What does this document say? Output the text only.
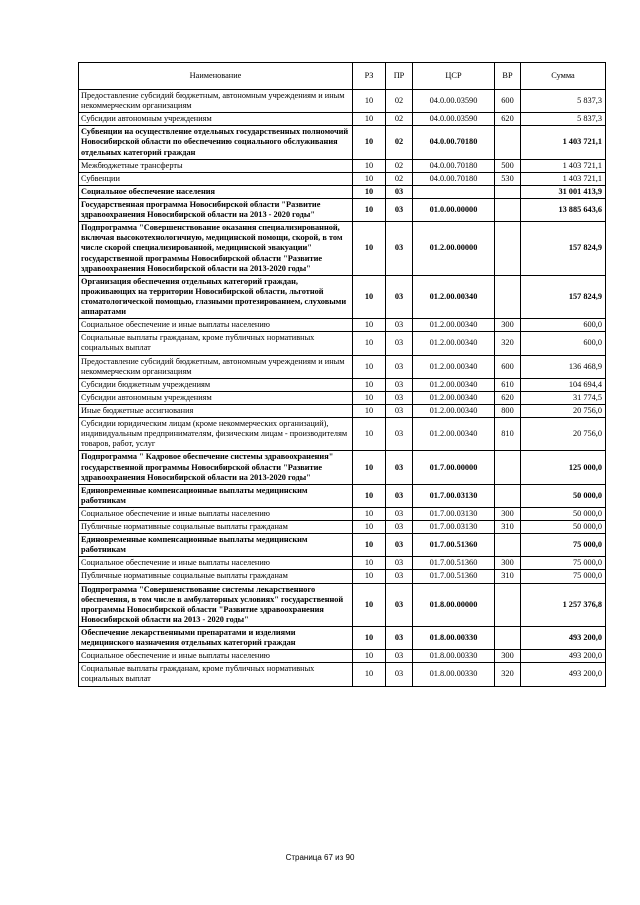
Наименование	РЗ	ПР	ЦСР	ВР	Сумма
Предоставление субсидий бюджетным, автономным учреждениям и иным некоммерческим организациям	10	02	04.0.00.03590	600	5 837,3
Субсидии автономным учреждениям	10	02	04.0.00.03590	620	5 837,3
Субвенции на осуществление отдельных государственных полномочий Новосибирской области по обеспечению социального обслуживания отдельных категорий граждан	10	02	04.0.00.70180		1 403 721,1
Межбюджетные трансферты	10	02	04.0.00.70180	500	1 403 721,1
Субвенции	10	02	04.0.00.70180	530	1 403 721,1
Социальное обеспечение населения	10	03			31 001 413,9
Государственная программа Новосибирской области "Развитие здравоохранения Новосибирской области на 2013 - 2020 годы"	10	03	01.0.00.00000		13 885 643,6
Подпрограмма "Совершенствование оказания специализированной, включая высокотехнологичную, медицинской помощи, скорой, в том числе скорой специализированной, медицинской эвакуации" государственной программы Новосибирской области "Развитие здравоохранения Новосибирской области на 2013-2020 годы"	10	03	01.2.00.00000		157 824,9
Организация обеспечения отдельных категорий граждан, проживающих на территории Новосибирской области, льготной стоматологической помощью, глазными протезированием, слуховыми аппаратами	10	03	01.2.00.00340		157 824,9
Социальное обеспечение и иные выплаты населению	10	03	01.2.00.00340	300	600,0
Социальные выплаты гражданам, кроме публичных нормативных социальных выплат	10	03	01.2.00.00340	320	600,0
Предоставление субсидий бюджетным, автономным учреждениям и иным некоммерческим организациям	10	03	01.2.00.00340	600	136 468,9
Субсидии бюджетным учреждениям	10	03	01.2.00.00340	610	104 694,4
Субсидии автономным учреждениям	10	03	01.2.00.00340	620	31 774,5
Иные бюджетные ассигнования	10	03	01.2.00.00340	800	20 756,0
Субсидии юридическим лицам (кроме некоммерческих организаций), индивидуальным предпринимателям, физическим лицам - производителям товаров, работ, услуг	10	03	01.2.00.00340	810	20 756,0
Подпрограмма " Кадровое обеспечение системы здравоохранения" государственной программы Новосибирской области "Развитие здравоохранения Новосибирской области на 2013-2020 годы"	10	03	01.7.00.00000		125 000,0
Единовременные компенсационные выплаты медицинским работникам	10	03	01.7.00.03130		50 000,0
Социальное обеспечение и иные выплаты населению	10	03	01.7.00.03130	300	50 000,0
Публичные нормативные социальные выплаты гражданам	10	03	01.7.00.03130	310	50 000,0
Единовременные компенсационные выплаты медицинским работникам	10	03	01.7.00.51360		75 000,0
Социальное обеспечение и иные выплаты населению	10	03	01.7.00.51360	300	75 000,0
Публичные нормативные социальные выплаты гражданам	10	03	01.7.00.51360	310	75 000,0
Подпрограмма "Совершенствование системы лекарственного обеспечения, в том числе в амбулаторных условиях" государственной программы Новосибирской области "Развитие здравоохранения Новосибирской области на 2013 - 2020 годы"	10	03	01.8.00.00000		1 257 376,8
Обеспечение лекарственными препаратами и изделиями медицинского назначения отдельных категорий граждан	10	03	01.8.00.00330		493 200,0
Социальное обеспечение и иные выплаты населению	10	03	01.8.00.00330	300	493 200,0
Социальные выплаты гражданам, кроме публичных нормативных социальных выплат	10	03	01.8.00.00330	320	493 200,0
Страница 67 из 90
